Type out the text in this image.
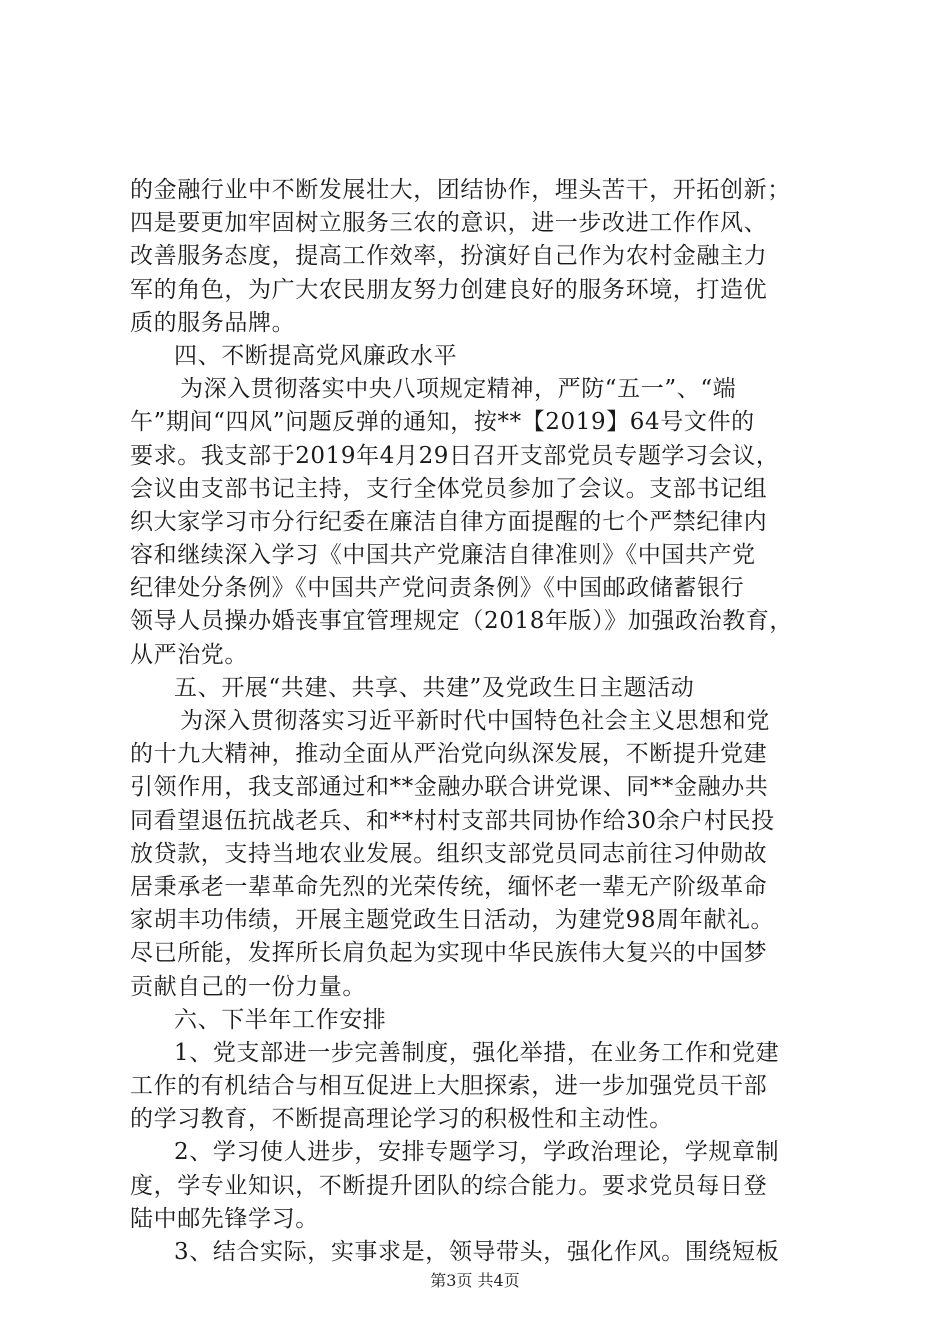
的金融行业中不断发展壮大，团结协作，埋头苦干，开拓创新；
四是要更加牢固树立服务三农的意识，进一步改进工作作风、
改善服务态度，提高工作效率，扮演好自己作为农村金融主力
军的角色，为广大农民朋友努力创建良好的服务环境，打造优
质的服务品牌。
四、不断提高党风廉政水平
为深入贯彻落实中央八项规定精神，严防“五一”、“端
午”期间“四风”问题反弹的通知，按**【2019】64号文件的
要求。我支部于2019年4月29日召开支部党员专题学习会议，
会议由支部书记主持，支行全体党员参加了会议。支部书记组
织大家学习市分行纪委在廉洁自律方面提醒的七个严禁纪律内
容和继续深入学习《中国共产党廉洁自律准则》《中国共产党
纪律处分条例》《中国共产党问责条例》《中国邮政储蓄银行
领导人员操办婚丧事宜管理规定（2018年版）》加强政治教育，
从严治党。
五、开展“共建、共享、共建”及党政生日主题活动
为深入贯彻落实习近平新时代中国特色社会主义思想和党
的十九大精神，推动全面从严治党向纵深发展，不断提升党建
引领作用，我支部通过和**金融办联合讲党课、同**金融办共
同看望退伍抗战老兵、和**村村支部共同协作给30余户村民投
放贷款，支持当地农业发展。组织支部党员同志前往习仲勋故
居秉承老一辈革命先烈的光荣传统，缅怀老一辈无产阶级革命
家胡丰功伟绩，开展主题党政生日活动，为建党98周年献礼。
尽已所能，发挥所长肩负起为实现中华民族伟大复兴的中国梦
贡献自己的一份力量。
六、下半年工作安排
1、党支部进一步完善制度，强化举措，在业务工作和党建
工作的有机结合与相互促进上大胆探索，进一步加强党员干部
的学习教育，不断提高理论学习的积极性和主动性。
2、学习使人进步，安排专题学习，学政治理论，学规章制
度，学专业知识，不断提升团队的综合能力。要求党员每日登
陆中邮先锋学习。
3、结合实际，实事求是，领导带头，强化作风。围绕短板
第3页 共4页
